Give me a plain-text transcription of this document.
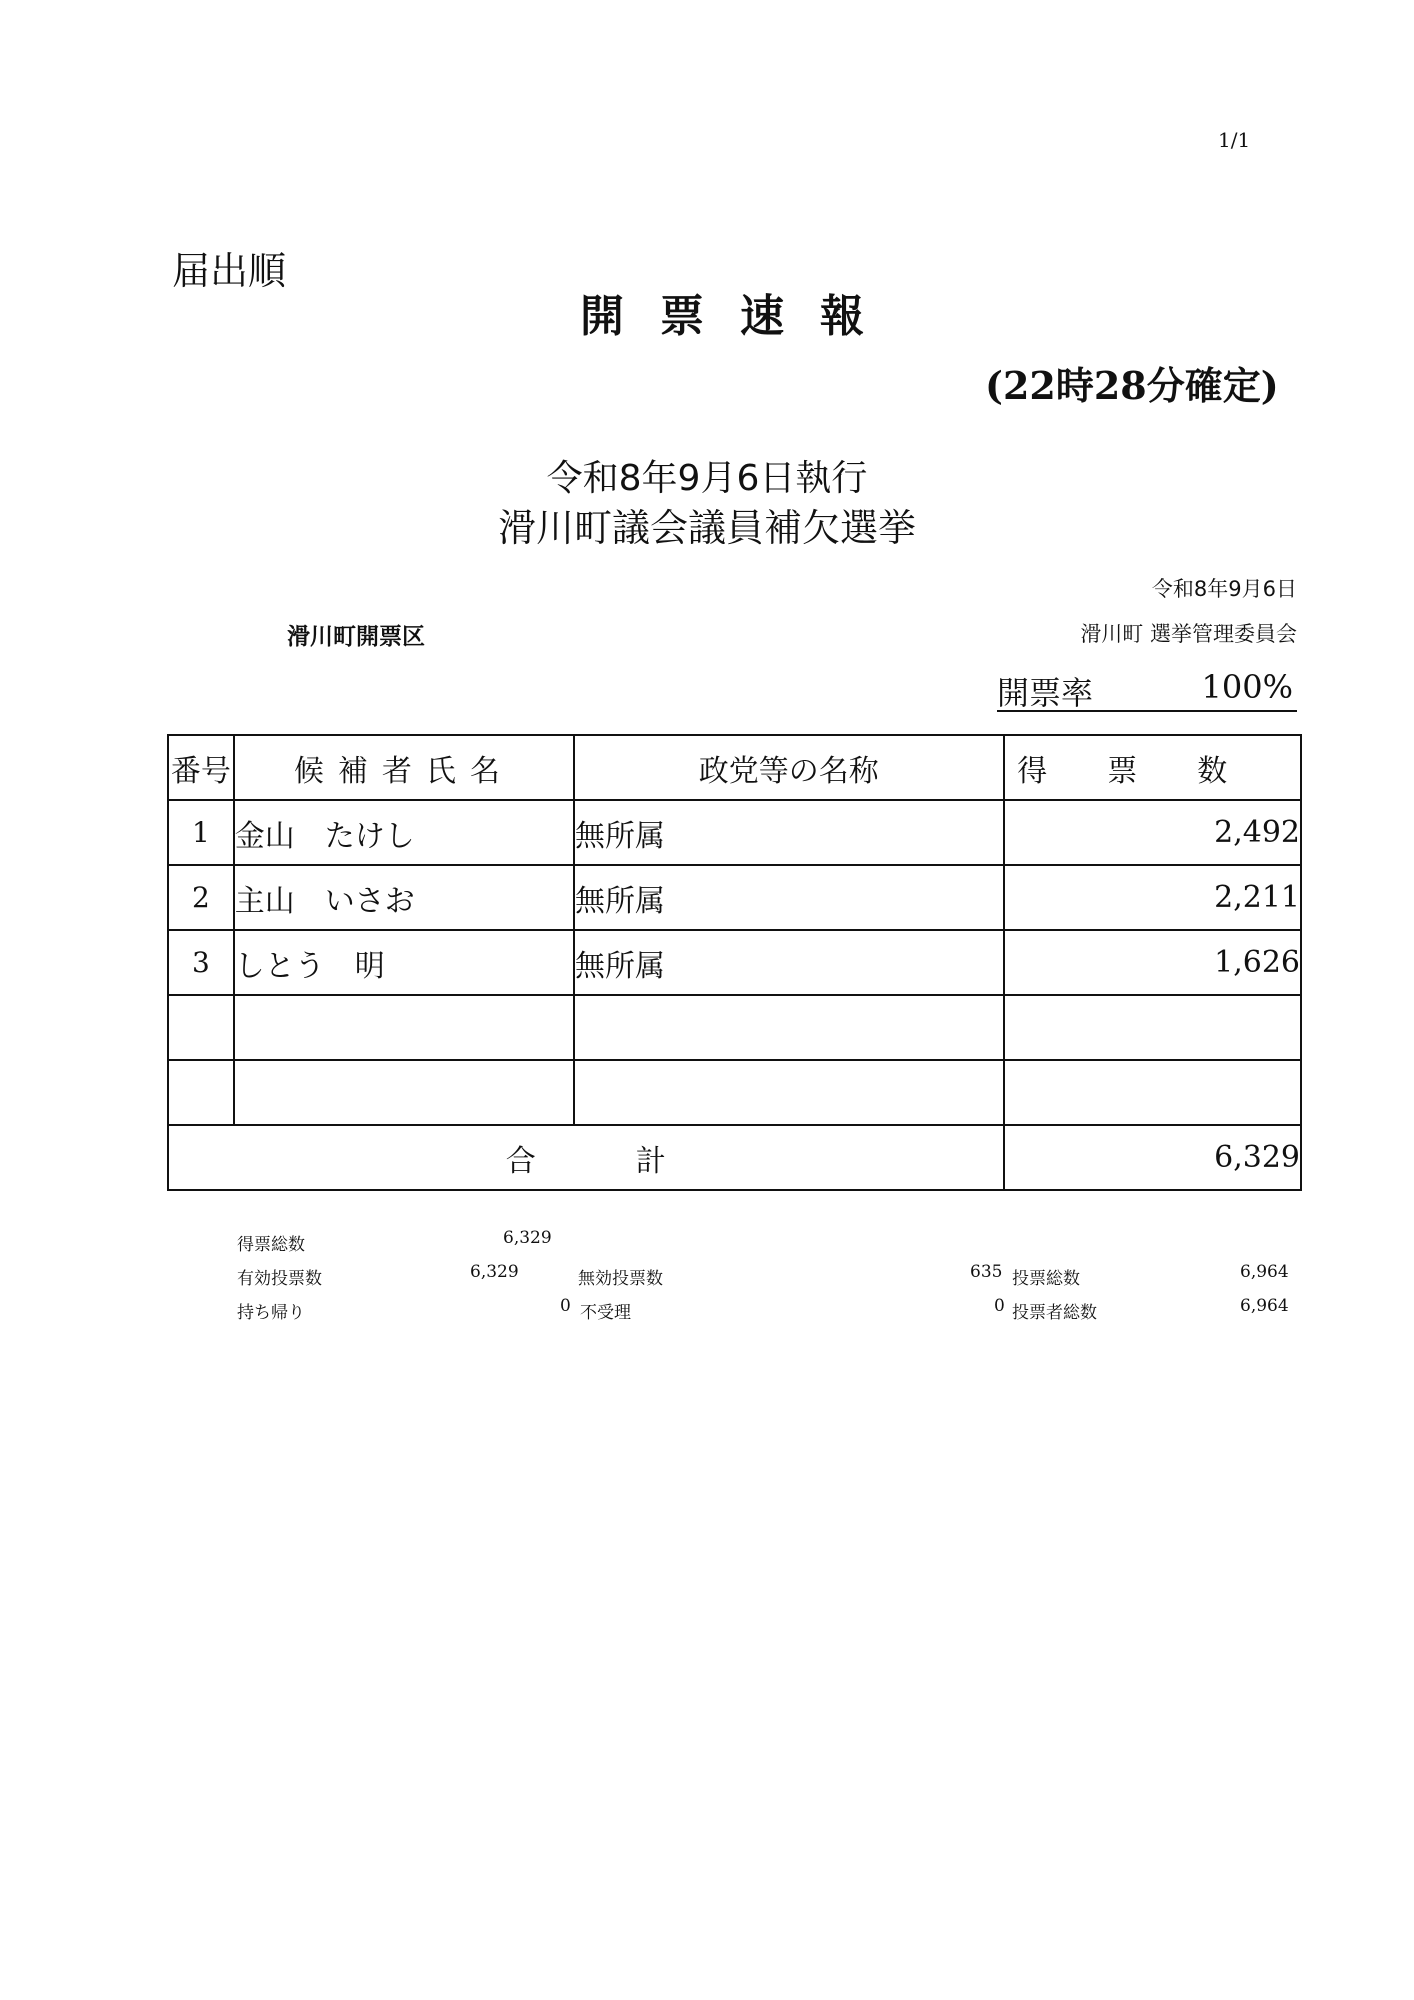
1/1
届出順
開票速報
(22時28分確定)
令和8年9月6日執行
滑川町議会議員補欠選挙
令和8年9月6日
滑川町開票区	滑川町 選挙管理委員会
開票率	100%
番号	候補者氏名	政党等の名称	得票数
1	金山　たけし	無所属	2,492
2	主山　いさお	無所属	2,211
3	しとう　明	無所属	1,626

合計			6,329
得票総数	6,329
有効投票数	6,329	無効投票数	635 投票総数	6,964
持ち帰り	0 不受理	0 投票者総数	6,964
